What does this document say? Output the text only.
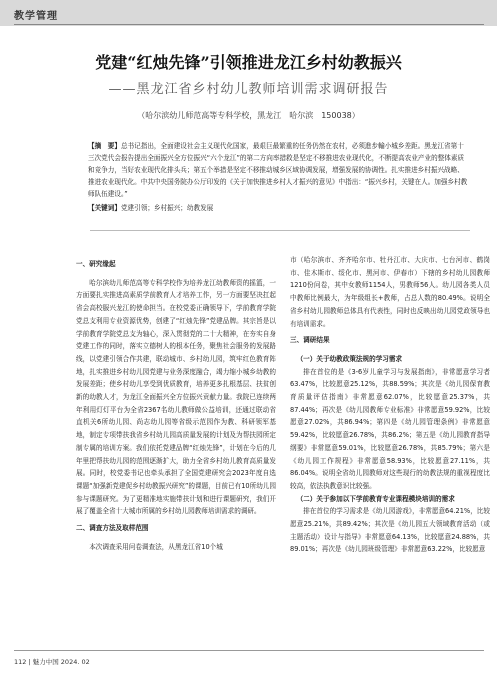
教学管理
党建“红烛先锋”引领推进龙江乡村幼教振兴
——黑龙江省乡村幼儿教师培训需求调研报告
（哈尔滨幼儿师范高等专科学校，黑龙江　哈尔滨　150038）
【摘　要】总书记指出，全面建设社会主义现代化国家，最艰巨最繁重的任务仍然在农村，必须進步輸小城乡差距。黑龙江省第十三次党代会报告提出全面振兴全方位振兴“六个龙江”的第二方向率措救是坚定不移推进农业现代化，不断提高农业产业的整体素质和竞争力，当好农业现代化排头兵；第五个举措是坚定不移推动城乡区域协调发展，增强发展的协调性。扎实推进乡村振兴战略、推进农业现代化。中共中央国务院办公厅印发的《关于加快推进乡村人才振兴的意见》中指出：“振兴乡村，关键在人。加强乡村教师队伍建设。”
【关键词】党建引领；乡村振兴；幼教发展

一、研究缘起

哈尔滨幼儿师范高等专科学校作为培养龙江幼教师资的摇篮，一方面要扎实推进高素质学前教育人才培养工作，另一方面要坚决扛起省会高校服兴龙江的使命担当。在校党委正确领导下，学前教育学院党总支利用专业资源优势，创建了“红烛先锋”党建品牌。其宗旨是以学前教育学院党总支为轴心，深入贯彻党的二十大精神，在夯实自身党建工作的同时，落实立德树人的根本任务，聚焦社会服务的发展路线，以党建引领合作共建，联动城市、乡村幼儿园，筑牢红色教育阵地，扎实推进乡村幼儿园党建与业务深度融合，竭力缩小城乡幼教的发展差距；使乡村幼儿享受到优质教育，培养更多扎根基层、扶贫创新的幼教人才，为龙江全面振兴全方位振兴贡献力量。我院已连续两年利用灯灯平台为全省2367名幼儿教师做公益培训，还通过联动省直机关6所幼儿园、尚志幼儿园等省级示范园作为教、科研领军基地，制定专项带扶我省乡村幼儿园高质量发展的计划及为帮扶园所定制专属的培训方案。我们依托党建品牌“红烛先锋”，计划在今后的几年里把帮扶幼儿园的范围逐渐扩大，助力全省乡村幼儿教育高质量发展。同时，校党委书记也牵头承担了全国党建研究会2023年度自选课题“加强新党建促乡村幼教振兴研究”的课题，目前已有10所幼儿园参与课题研究。为了更精准地实施带扶计划和进行课题研究，我们开展了覆盖全省十大城市所属的乡村幼儿园教师培训需求的调研。

二、调查方法及取样范围

本次调查采用问卷调查法，从黑龙江省10个城

市（哈尔滨市、齐齐哈尔市、牡丹江市、大庆市、七台河市、鹤岗市、佳木斯市、绥化市、黑河市、伊春市）下辖的乡村幼儿园教师1210份问卷，其中女教师1154人，男教师56人。幼儿园各类人员中教师比例最大，为年级组长+教师，占总人数的80.49%。说明全省乡村幼儿园教师总体具有代表性，同时也反映出幼儿园党政领导也有培训需求。

三、调研结果

（一）关于幼教政策法规的学习需求

排在首位的是《3-6岁儿童学习与发展指南》，非常愿意学习者63.47%，比较愿意25.12%，共88.59%；其次是《幼儿园保育教育质量评估指南》非常愿意62.07%，比较愿意25.37%，共87.44%；再次是《幼儿园教师专业标准》非常愿意59.92%，比较愿意27.02%，共86.94%；第四是《幼儿园管理条例》非常愿意59.42%，比较愿意26.78%，共86.2%；第五是《幼儿园教育指导纲要》非常愿意59.01%，比较愿意26.78%，共85.79%；第六是《幼儿园工作规程》非常愿意58.93%，比较愿意27.11%，共86.04%。说明全省幼儿园教师对这些现行的幼教法规的重视程度比较高，依法执教意识比较强。

（二）关于参加以下学前教育专业课程模块培训的需求

排在首位的学习需求是《幼儿园游戏》，非常愿意64.21%，比较愿意25.21%，共89.42%；其次是《幼儿园五大领域教育活动（或主题活动）设计与指导》非常愿意64.13%，比较愿意24.88%，共89.01%；再次是《幼儿园班级管理》非常愿意63.22%，比较愿意

112 | 魅力中国 2024. 02
